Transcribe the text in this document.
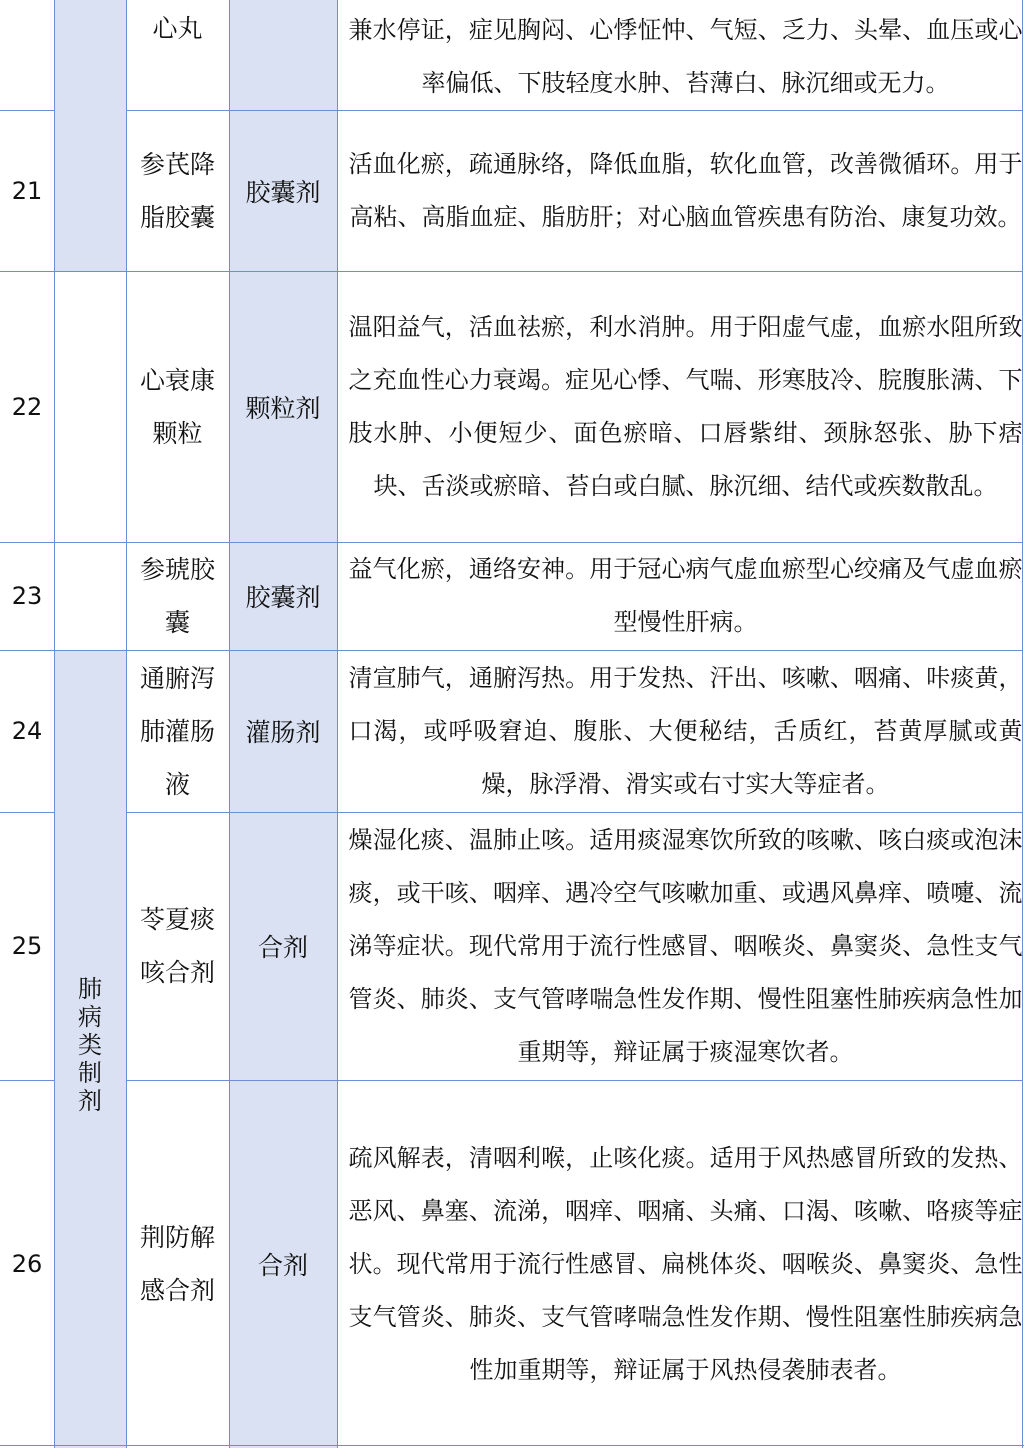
心丸	兼水停证，症见胸闷、心悸怔忡、气短、乏力、头晕、血压或心率偏低、下肢轻度水肿、苔薄白、脉沉细或无力。
21
参芪降
脂胶囊
胶囊剂
活血化瘀，疏通脉络，降低血脂，软化血管，改善微循环。用于高粘、高脂血症、脂肪肝；对心脑血管疾患有防治、康复功效。
22
心衰康
颗粒
颗粒剂
温阳益气，活血祛瘀，利水消肿。用于阳虚气虚，血瘀水阻所致之充血性心力衰竭。症见心悸、气喘、形寒肢冷、脘腹胀满、下肢水肿、小便短少、面色瘀暗、口唇紫绀、颈脉怒张、胁下痞块、舌淡或瘀暗、苔白或白腻、脉沉细、结代或疾数散乱。
23
参琥胶
囊
胶囊剂
益气化瘀，通络安神。用于冠心病气虚血瘀型心绞痛及气虚血瘀型慢性肝病。
24
通腑泻
肺灌肠
液
灌肠剂
清宣肺气，通腑泻热。用于发热、汗出、咳嗽、咽痛、咔痰黄，口渴，或呼吸窘迫、腹胀、大便秘结，舌质红，苔黄厚腻或黄燥，脉浮滑、滑实或右寸实大等症者。
25
苓夏痰
咳合剂
合剂
燥湿化痰、温肺止咳。适用痰湿寒饮所致的咳嗽、咳白痰或泡沫痰，或干咳、咽痒、遇冷空气咳嗽加重、或遇风鼻痒、喷嚏、流涕等症状。现代常用于流行性感冒、咽喉炎、鼻窦炎、急性支气管炎、肺炎、支气管哮喘急性发作期、慢性阻塞性肺疾病急性加重期等，辩证属于痰湿寒饮者。
26
荆防解
感合剂
合剂
疏风解表，清咽利喉，止咳化痰。适用于风热感冒所致的发热、恶风、鼻塞、流涕，咽痒、咽痛、头痛、口渴、咳嗽、咯痰等症状。现代常用于流行性感冒、扁桃体炎、咽喉炎、鼻窦炎、急性支气管炎、肺炎、支气管哮喘急性发作期、慢性阻塞性肺疾病急性加重期等，辩证属于风热侵袭肺表者。
肺
病
类
制
剂
